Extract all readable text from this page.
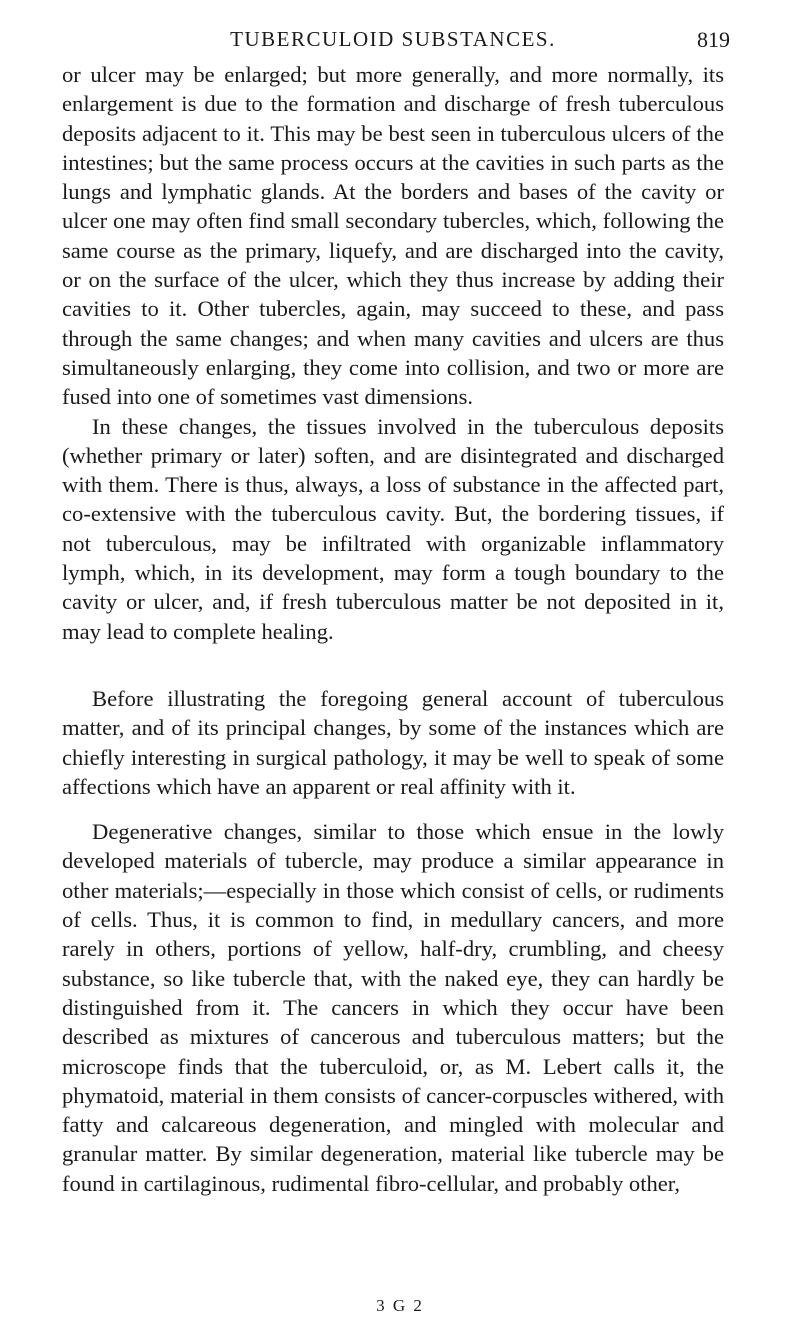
TUBERCULOID SUBSTANCES.	819

or ulcer may be enlarged; but more generally, and more normally, its enlargement is due to the formation and discharge of fresh tuberculous deposits adjacent to it. This may be best seen in tuberculous ulcers of the intestines; but the same process occurs at the cavities in such parts as the lungs and lymphatic glands. At the borders and bases of the cavity or ulcer one may often find small secondary tubercles, which, following the same course as the primary, liquefy, and are discharged into the cavity, or on the surface of the ulcer, which they thus increase by adding their cavities to it. Other tubercles, again, may succeed to these, and pass through the same changes; and when many cavities and ulcers are thus simultaneously enlarging, they come into collision, and two or more are fused into one of sometimes vast dimensions.

In these changes, the tissues involved in the tuberculous deposits (whether primary or later) soften, and are disintegrated and discharged with them. There is thus, always, a loss of substance in the affected part, co-extensive with the tuberculous cavity. But, the bordering tissues, if not tuberculous, may be infiltrated with organizable inflammatory lymph, which, in its development, may form a tough boundary to the cavity or ulcer, and, if fresh tuberculous matter be not deposited in it, may lead to complete healing.

Before illustrating the foregoing general account of tuberculous matter, and of its principal changes, by some of the instances which are chiefly interesting in surgical pathology, it may be well to speak of some affections which have an apparent or real affinity with it.

Degenerative changes, similar to those which ensue in the lowly developed materials of tubercle, may produce a similar appearance in other materials;—especially in those which consist of cells, or rudiments of cells. Thus, it is common to find, in medullary cancers, and more rarely in others, portions of yellow, half-dry, crumbling, and cheesy substance, so like tubercle that, with the naked eye, they can hardly be distinguished from it. The cancers in which they occur have been described as mixtures of cancerous and tuberculous matters; but the microscope finds that the tuberculoid, or, as M. Lebert calls it, the phymatoid, material in them consists of cancer-corpuscles withered, with fatty and calcareous degeneration, and mingled with molecular and granular matter. By similar degeneration, material like tubercle may be found in cartilaginous, rudimental fibro-cellular, and probably other,

3 G 2
